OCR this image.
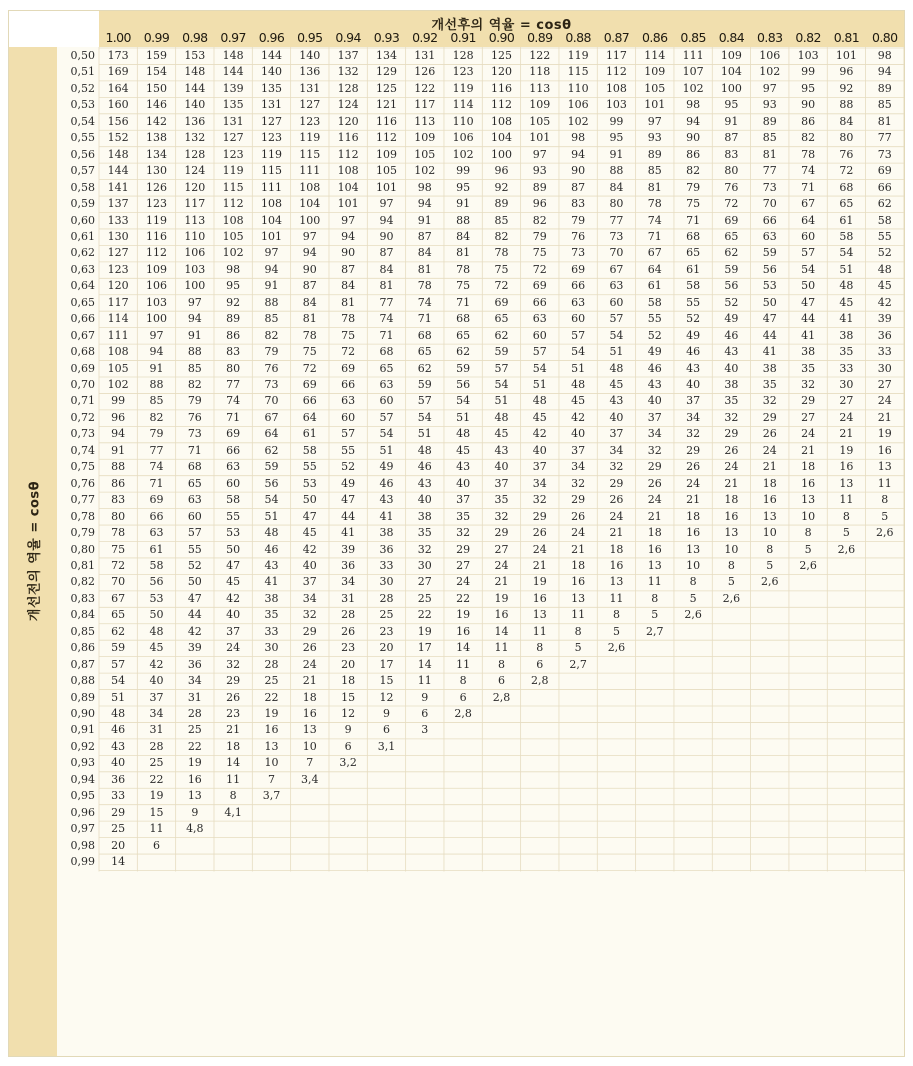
개선후의 역율 = cosθ
개선전의 역율 = cosθ
1.00	0.99	0.98	0.97	0.96	0.95	0.94	0.93	0.92	0.91	0.90	0.89	0.88	0.87	0.86	0.85	0.84	0.83	0.82	0.81	0.80
0,50	173	159	153	148	144	140	137	134	131	128	125	122	119	117	114	111	109	106	103	101	98
0,51	169	154	148	144	140	136	132	129	126	123	120	118	115	112	109	107	104	102	99	96	94
0,52	164	150	144	139	135	131	128	125	122	119	116	113	110	108	105	102	100	97	95	92	89
0,53	160	146	140	135	131	127	124	121	117	114	112	109	106	103	101	98	95	93	90	88	85
0,54	156	142	136	131	127	123	120	116	113	110	108	105	102	99	97	94	91	89	86	84	81
0,55	152	138	132	127	123	119	116	112	109	106	104	101	98	95	93	90	87	85	82	80	77
0,56	148	134	128	123	119	115	112	109	105	102	100	97	94	91	89	86	83	81	78	76	73
0,57	144	130	124	119	115	111	108	105	102	99	96	93	90	88	85	82	80	77	74	72	69
0,58	141	126	120	115	111	108	104	101	98	95	92	89	87	84	81	79	76	73	71	68	66
0,59	137	123	117	112	108	104	101	97	94	91	89	96	83	80	78	75	72	70	67	65	62
0,60	133	119	113	108	104	100	97	94	91	88	85	82	79	77	74	71	69	66	64	61	58
0,61	130	116	110	105	101	97	94	90	87	84	82	79	76	73	71	68	65	63	60	58	55
0,62	127	112	106	102	97	94	90	87	84	81	78	75	73	70	67	65	62	59	57	54	52
0,63	123	109	103	98	94	90	87	84	81	78	75	72	69	67	64	61	59	56	54	51	48
0,64	120	106	100	95	91	87	84	81	78	75	72	69	66	63	61	58	56	53	50	48	45
0,65	117	103	97	92	88	84	81	77	74	71	69	66	63	60	58	55	52	50	47	45	42
0,66	114	100	94	89	85	81	78	74	71	68	65	63	60	57	55	52	49	47	44	41	39
0,67	111	97	91	86	82	78	75	71	68	65	62	60	57	54	52	49	46	44	41	38	36
0,68	108	94	88	83	79	75	72	68	65	62	59	57	54	51	49	46	43	41	38	35	33
0,69	105	91	85	80	76	72	69	65	62	59	57	54	51	48	46	43	40	38	35	33	30
0,70	102	88	82	77	73	69	66	63	59	56	54	51	48	45	43	40	38	35	32	30	27
0,71	99	85	79	74	70	66	63	60	57	54	51	48	45	43	40	37	35	32	29	27	24
0,72	96	82	76	71	67	64	60	57	54	51	48	45	42	40	37	34	32	29	27	24	21
0,73	94	79	73	69	64	61	57	54	51	48	45	42	40	37	34	32	29	26	24	21	19
0,74	91	77	71	66	62	58	55	51	48	45	43	40	37	34	32	29	26	24	21	19	16
0,75	88	74	68	63	59	55	52	49	46	43	40	37	34	32	29	26	24	21	18	16	13
0,76	86	71	65	60	56	53	49	46	43	40	37	34	32	29	26	24	21	18	16	13	11
0,77	83	69	63	58	54	50	47	43	40	37	35	32	29	26	24	21	18	16	13	11	8
0,78	80	66	60	55	51	47	44	41	38	35	32	29	26	24	21	18	16	13	10	8	5
0,79	78	63	57	53	48	45	41	38	35	32	29	26	24	21	18	16	13	10	8	5	2,6
0,80	75	61	55	50	46	42	39	36	32	29	27	24	21	18	16	13	10	8	5	2,6
0,81	72	58	52	47	43	40	36	33	30	27	24	21	18	16	13	10	8	5	2,6
0,82	70	56	50	45	41	37	34	30	27	24	21	19	16	13	11	8	5	2,6
0,83	67	53	47	42	38	34	31	28	25	22	19	16	13	11	8	5	2,6
0,84	65	50	44	40	35	32	28	25	22	19	16	13	11	8	5	2,6
0,85	62	48	42	37	33	29	26	23	19	16	14	11	8	5	2,7
0,86	59	45	39	24	30	26	23	20	17	14	11	8	5	2,6
0,87	57	42	36	32	28	24	20	17	14	11	8	6	2,7
0,88	54	40	34	29	25	21	18	15	11	8	6	2,8
0,89	51	37	31	26	22	18	15	12	9	6	2,8
0,90	48	34	28	23	19	16	12	9	6	2,8
0,91	46	31	25	21	16	13	9	6	3
0,92	43	28	22	18	13	10	6	3,1
0,93	40	25	19	14	10	7	3,2
0,94	36	22	16	11	7	3,4
0,95	33	19	13	8	3,7
0,96	29	15	9	4,1
0,97	25	11	4,8
0,98	20	6
0,99	14
